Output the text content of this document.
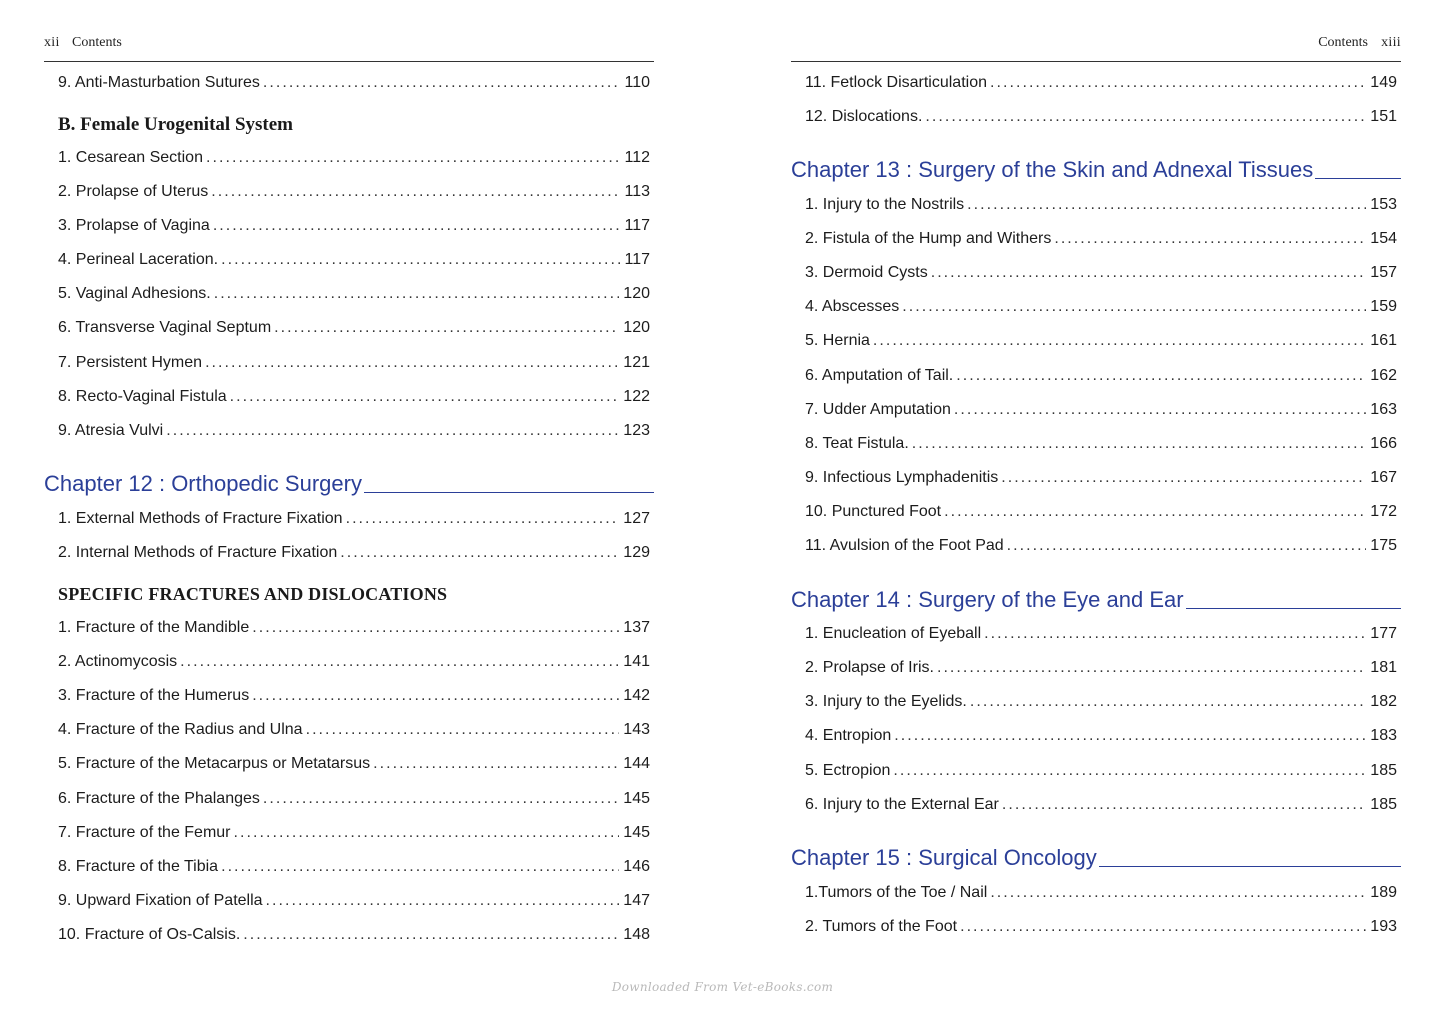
xii Contents
9. Anti-Masturbation Sutures . . .	110
B. Female Urogenital System
1. Cesarean Section . . .	112
2. Prolapse of Uterus . . .	113
3. Prolapse of Vagina . . .	117
4. Perineal Laceration. . . .	117
5. Vaginal Adhesions. . . .	120
6. Transverse Vaginal Septum . . .	120
7. Persistent Hymen . . .	121
8. Recto-Vaginal Fistula . . .	122
9. Atresia Vulvi . . .	123
Chapter 12 : Orthopedic Surgery
1. External Methods of Fracture Fixation . . .	127
2. Internal Methods of Fracture Fixation . . .	129
SPECIFIC FRACTURES AND DISLOCATIONS
1. Fracture of the Mandible . . .	137
2. Actinomycosis . . .	141
3. Fracture of the Humerus . . .	142
4. Fracture of the Radius and Ulna . . .	143
5. Fracture of the Metacarpus or Metatarsus . . .	144
6. Fracture of the Phalanges . . .	145
7. Fracture of the Femur . . .	145
8. Fracture of the Tibia . . .	146
9. Upward Fixation of Patella . . .	147
10. Fracture of Os-Calsis. . . .	148
Contents xiii
11. Fetlock Disarticulation . . .	149
12. Dislocations. . . .	151
Chapter 13 : Surgery of the Skin and Adnexal Tissues
1. Injury to the Nostrils . . .	153
2. Fistula of the Hump and Withers . . .	154
3. Dermoid Cysts . . .	157
4. Abscesses . . .	159
5. Hernia . . .	161
6. Amputation of Tail. . . .	162
7. Udder Amputation . . .	163
8. Teat Fistula. . . .	166
9. Infectious Lymphadenitis . . .	167
10. Punctured Foot . . .	172
11. Avulsion of the Foot Pad . . .	175
Chapter 14 : Surgery of the Eye and Ear
1. Enucleation of Eyeball . . .	177
2. Prolapse of Iris. . . .	181
3. Injury to the Eyelids. . . .	182
4. Entropion . . .	183
5. Ectropion . . .	185
6. Injury to the External Ear . . .	185
Chapter 15 : Surgical Oncology
1.Tumors of the Toe / Nail . . .	189
2. Tumors of the Foot . . .	193
Downloaded From Vet-eBooks.com
